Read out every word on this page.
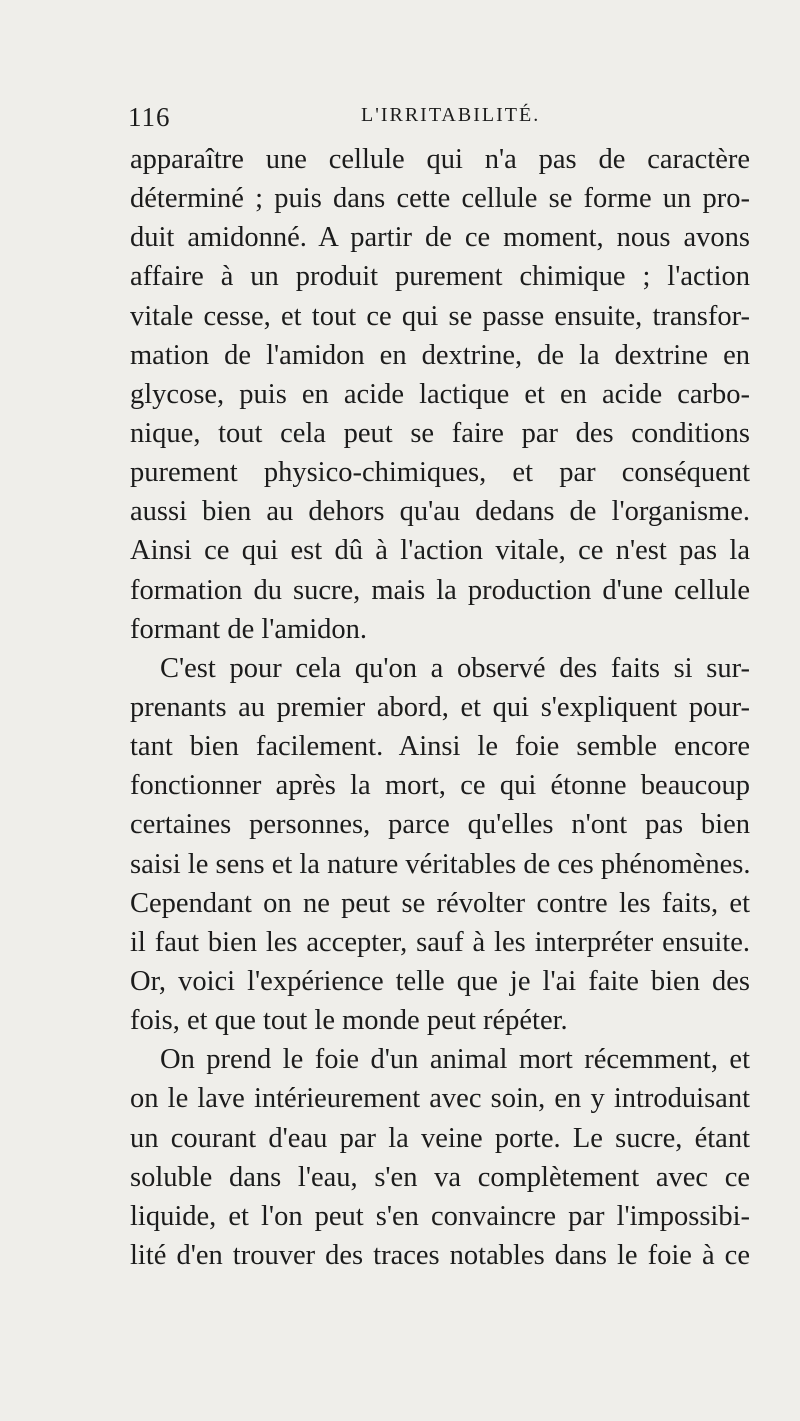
116	L'IRRITABILITÉ.
apparaître une cellule qui n'a pas de caractère
déterminé ; puis dans cette cellule se forme un pro-
duit amidonné. A partir de ce moment, nous avons
affaire à un produit purement chimique ; l'action
vitale cesse, et tout ce qui se passe ensuite, transfor-
mation de l'amidon en dextrine, de la dextrine en
glycose, puis en acide lactique et en acide carbo-
nique, tout cela peut se faire par des conditions
purement physico-chimiques, et par conséquent
aussi bien au dehors qu'au dedans de l'organisme.
Ainsi ce qui est dû à l'action vitale, ce n'est pas la
formation du sucre, mais la production d'une cellule
formant de l'amidon.
C'est pour cela qu'on a observé des faits si sur-
prenants au premier abord, et qui s'expliquent pour-
tant bien facilement. Ainsi le foie semble encore
fonctionner après la mort, ce qui étonne beaucoup
certaines personnes, parce qu'elles n'ont pas bien
saisi le sens et la nature véritables de ces phénomènes.
Cependant on ne peut se révolter contre les faits, et
il faut bien les accepter, sauf à les interpréter ensuite.
Or, voici l'expérience telle que je l'ai faite bien des
fois, et que tout le monde peut répéter.
On prend le foie d'un animal mort récemment, et
on le lave intérieurement avec soin, en y introduisant
un courant d'eau par la veine porte. Le sucre, étant
soluble dans l'eau, s'en va complètement avec ce
liquide, et l'on peut s'en convaincre par l'impossibi-
lité d'en trouver des traces notables dans le foie à ce
